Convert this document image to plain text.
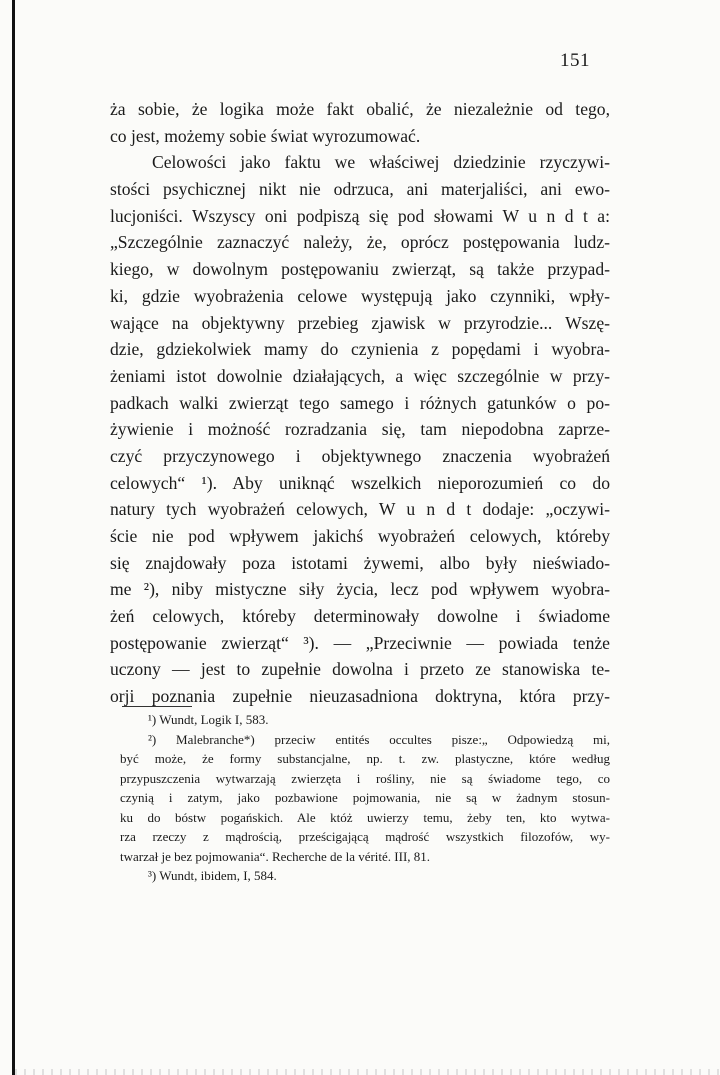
151
ża sobie, że logika może fakt obalić, że niezależnie od tego,
co jest, możemy sobie świat wyrozumować.
Celowości jako faktu we właściwej dziedzinie rzyczywi-
stości psychicznej nikt nie odrzuca, ani materjaliści, ani ewo-
lucjoniści. Wszyscy oni podpiszą się pod słowami W u n d t a:
„Szczególnie zaznaczyć należy, że, oprócz postępowania ludz-
kiego, w dowolnym postępowaniu zwierząt, są także przypad-
ki, gdzie wyobrażenia celowe występują jako czynniki, wpły-
wające na objektywny przebieg zjawisk w przyrodzie... Wszę-
dzie, gdziekolwiek mamy do czynienia z popędami i wyobra-
żeniami istot dowolnie działających, a więc szczególnie w przy-
padkach walki zwierząt tego samego i różnych gatunków o po-
żywienie i możność rozradzania się, tam niepodobna zaprze-
czyć przyczynowego i objektywnego znaczenia wyobrażeń
celowych“ ¹). Aby uniknąć wszelkich nieporozumień co do
natury tych wyobrażeń celowych, W u n d t dodaje: „oczywi-
ście nie pod wpływem jakichś wyobrażeń celowych, któreby
się znajdowały poza istotami żywemi, albo były nieświado-
me ²), niby mistyczne siły życia, lecz pod wpływem wyobra-
żeń celowych, któreby determinowały dowolne i świadome
postępowanie zwierząt“ ³). — „Przeciwnie — powiada tenże
uczony — jest to zupełnie dowolna i przeto ze stanowiska te-
orji poznania zupełnie nieuzasadniona doktryna, która przy-
¹) Wundt, Logik I, 583.
²) Malebranche*) przeciw entités occultes pisze:„ Odpowiedzą mi,
być może, że formy substancjalne, np. t. zw. plastyczne, które według
przypuszczenia wytwarzają zwierzęta i rośliny, nie są świadome tego, co
czynią i zatym, jako pozbawione pojmowania, nie są w żadnym stosun-
ku do bóstw pogańskich. Ale któż uwierzy temu, żeby ten, kto wytwa-
rza rzeczy z mądrością, prześcigającą mądrość wszystkich filozofów, wy-
twarzał je bez pojmowania“. Recherche de la vérité. III, 81.
³) Wundt, ibidem, I, 584.
